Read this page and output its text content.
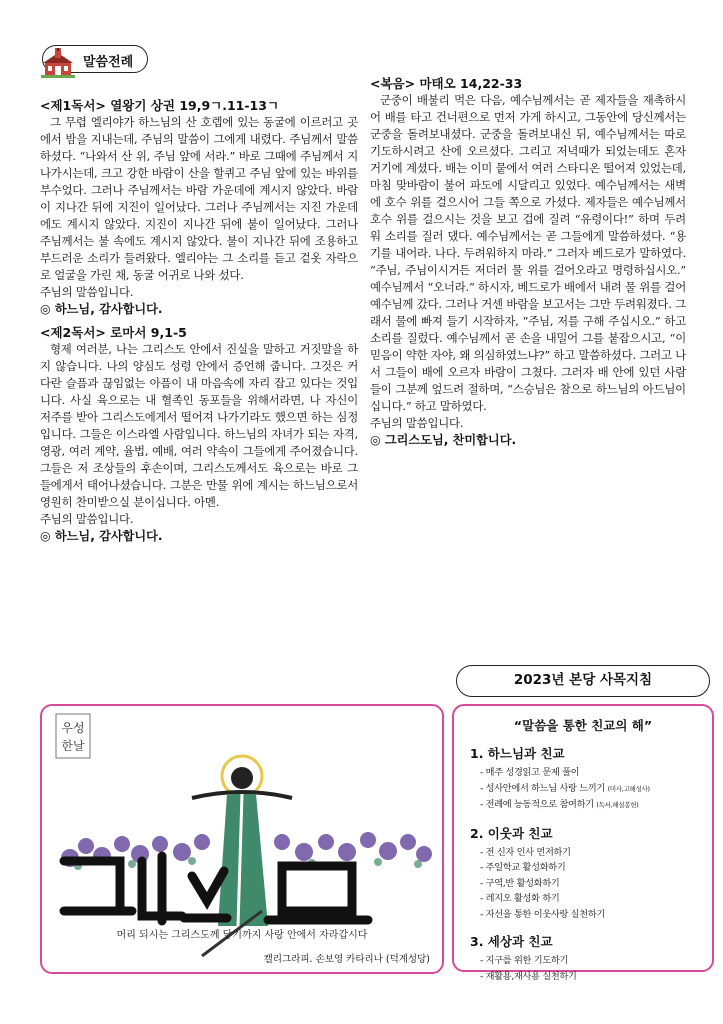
말씀전례
<제1독서> 열왕기 상권 19,9ㄱ.11-13ㄱ

그 무렵 엘리야가 하느님의 산 호렙에 있는 동굴에 이르러고 곳에서 밤을 지내는데, 주님의 말씀이 그에게 내렸다. 주님께서 말씀하셨다. “나와서 산 위, 주님 앞에 서라.” 바로 그때에 주님께서 지나가시는데, 크고 강한 바람이 산을 할퀴고 주님 앞에 있는 바위를 부수었다. 그러나 주님께서는 바람 가운데에 계시지 않았다. 바람이 지나간 뒤에 지진이 일어났다. 그러나 주님께서는 지진 가운데에도 계시지 않았다. 지진이 지나간 뒤에 불이 일어났다. 그러나 주님께서는 불 속에도 계시지 않았다. 불이 지나간 뒤에 조용하고 부드러운 소리가 들려왔다. 엘리야는 그 소리를 듣고 겉옷 자락으로 얼굴을 가린 채, 동굴 어귀로 나와 섰다.

주님의 말씀입니다.

◎ 하느님, 감사합니다.

<제2독서> 로마서 9,1-5

형제 여러분, 나는 그리스도 안에서 진실을 말하고 거짓말을 하지 않습니다. 나의 양심도 성령 안에서 증언해 줍니다. 그것은 커다란 슬픔과 끊임없는 아픔이 내 마음속에 자리 잡고 있다는 것입니다. 사실 육으로는 내 혈족인 동포들을 위해서라면, 나 자신이 저주를 받아 그리스도에게서 떨어져 나가기라도 했으면 하는 심정입니다. 그들은 이스라엘 사람입니다. 하느님의 자녀가 되는 자격, 영광, 여러 계약, 율법, 예배, 여러 약속이 그들에게 주어졌습니다. 그들은 저 조상들의 후손이며, 그리스도께서도 육으로는 바로 그들에게서 태어나셨습니다. 그분은 만물 위에 계시는 하느님으로서 영원히 찬미받으실 분이십니다. 아멘.

주님의 말씀입니다.

◎ 하느님, 감사합니다.

<복음> 마태오 14,22-33

군중이 배불리 먹은 다음, 예수님께서는 곧 제자들을 재촉하시어 배를 타고 건너편으로 먼저 가게 하시고, 그동안에 당신께서는 군중을 돌려보내셨다. 군중을 돌려보내신 뒤, 예수님께서는 따로 기도하시려고 산에 오르셨다. 그리고 저녁때가 되었는데도 혼자 거기에 계셨다. 배는 이미 뭍에서 여러 스타디온 떨어져 있었는데, 마침 맞바람이 불어 파도에 시달리고 있었다. 예수님께서는 새벽에 호수 위를 걸으시어 그들 쪽으로 가셨다. 제자들은 예수님께서 호수 위를 걸으시는 것을 보고 겁에 질려 “유령이다!” 하며 두려워 소리를 질러 댔다. 예수님께서는 곧 그들에게 말씀하셨다. “용기를 내어라. 나다. 두려워하지 마라.” 그러자 베드로가 말하였다. “주님, 주님이시거든 저더러 물 위를 걸어오라고 명령하십시오.” 예수님께서 “오너라.” 하시자, 베드로가 배에서 내려 물 위를 걸어 예수님께 갔다. 그러나 거센 바람을 보고서는 그만 두려워졌다. 그래서 물에 빠져 들기 시작하자, “주님, 저를 구해 주십시오.” 하고 소리를 질렀다. 예수님께서 곧 손을 내밀어 그를 붙잡으시고, “이 믿음이 약한 자야, 왜 의심하였느냐?” 하고 말씀하셨다. 그러고 나서 그들이 배에 오르자 바람이 그쳤다. 그러자 배 안에 있던 사람들이 그분께 엎드려 절하며, “스승님은 참으로 하느님의 아드님이십니다.” 하고 말하였다.

주님의 말씀입니다.

◎ 그리스도님, 찬미합니다.

2023년 본당 사목지침
우성
한날
그리스도
머리 되시는 그리스도께 닿기까지 사랑 안에서 자라갑시다
캘리그라피. 손보영 카타리나 (덕계성당)
“말씀을 통한 친교의 해”
1. 하느님과 친교
- 매주 성경읽고 문제 풀이
- 성사안에서 하느님 사랑 느끼기 (미사,고해성사)
- 전례에 능동적으로 참여하기 (독서,해설봉헌)
2. 이웃과 친교
- 전 신자 인사 먼저하기
- 주일학교 활성화하기
- 구역,반 활성화하기
- 레지오 활성화 하기
- 자선을 통한 이웃사랑 실천하기
3. 세상과 친교
- 지구를 위한 기도하기
- 재활용,재사용 실천하기
